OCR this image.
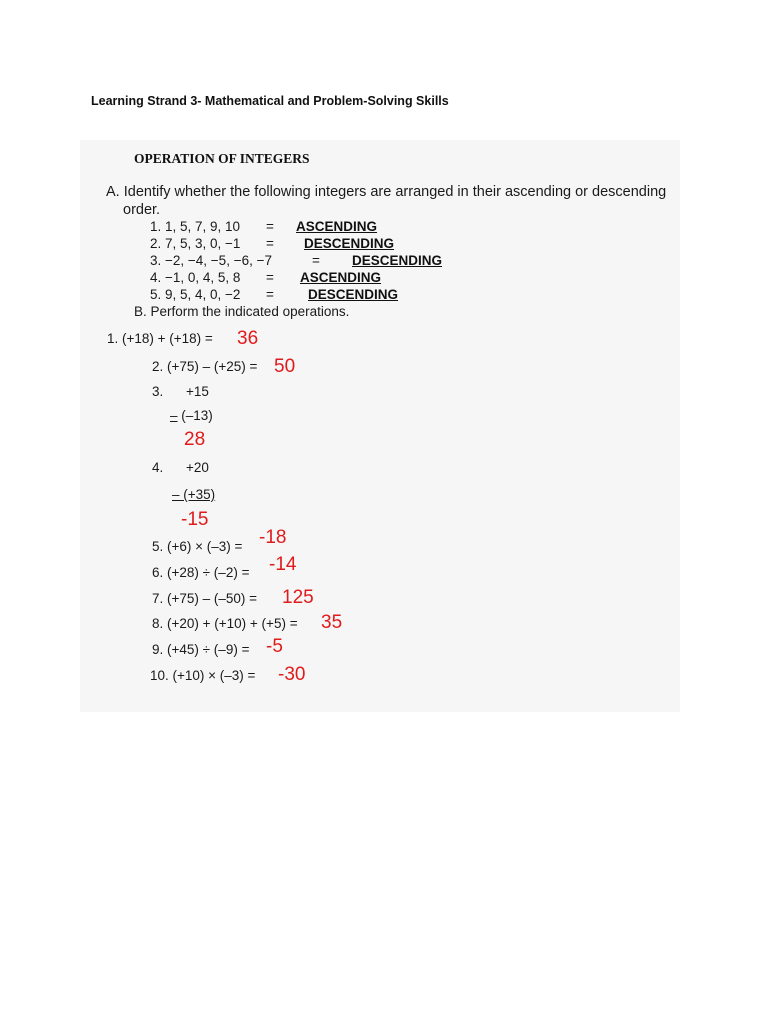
Learning Strand 3- Mathematical and Problem-Solving Skills
OPERATION OF INTEGERS
A. Identify whether the following integers are arranged in their ascending or descending
order.
1. 1, 5, 7, 9, 10 =	ASCENDING
2. 7, 5, 3, 0, −1 =	DESCENDING
3. −2, −4, −5, −6, −7	=	DESCENDING
4. −1, 0, 4, 5, 8 =	ASCENDING
5. 9, 5, 4, 0, −2 =	DESCENDING
B. Perform the indicated operations.
1. (+18) + (+18) = 36
2. (+75) – (+25) = 50
3. +15
– (–13)
28
4. +20
– (+35)
-15
5. (+6) × (–3) = -18
6. (+28) ÷ (–2) = -14
7. (+75) – (–50) = 125
8. (+20) + (+10) + (+5) = 35
9. (+45) ÷ (–9) = -5
10. (+10) × (–3) = -30
